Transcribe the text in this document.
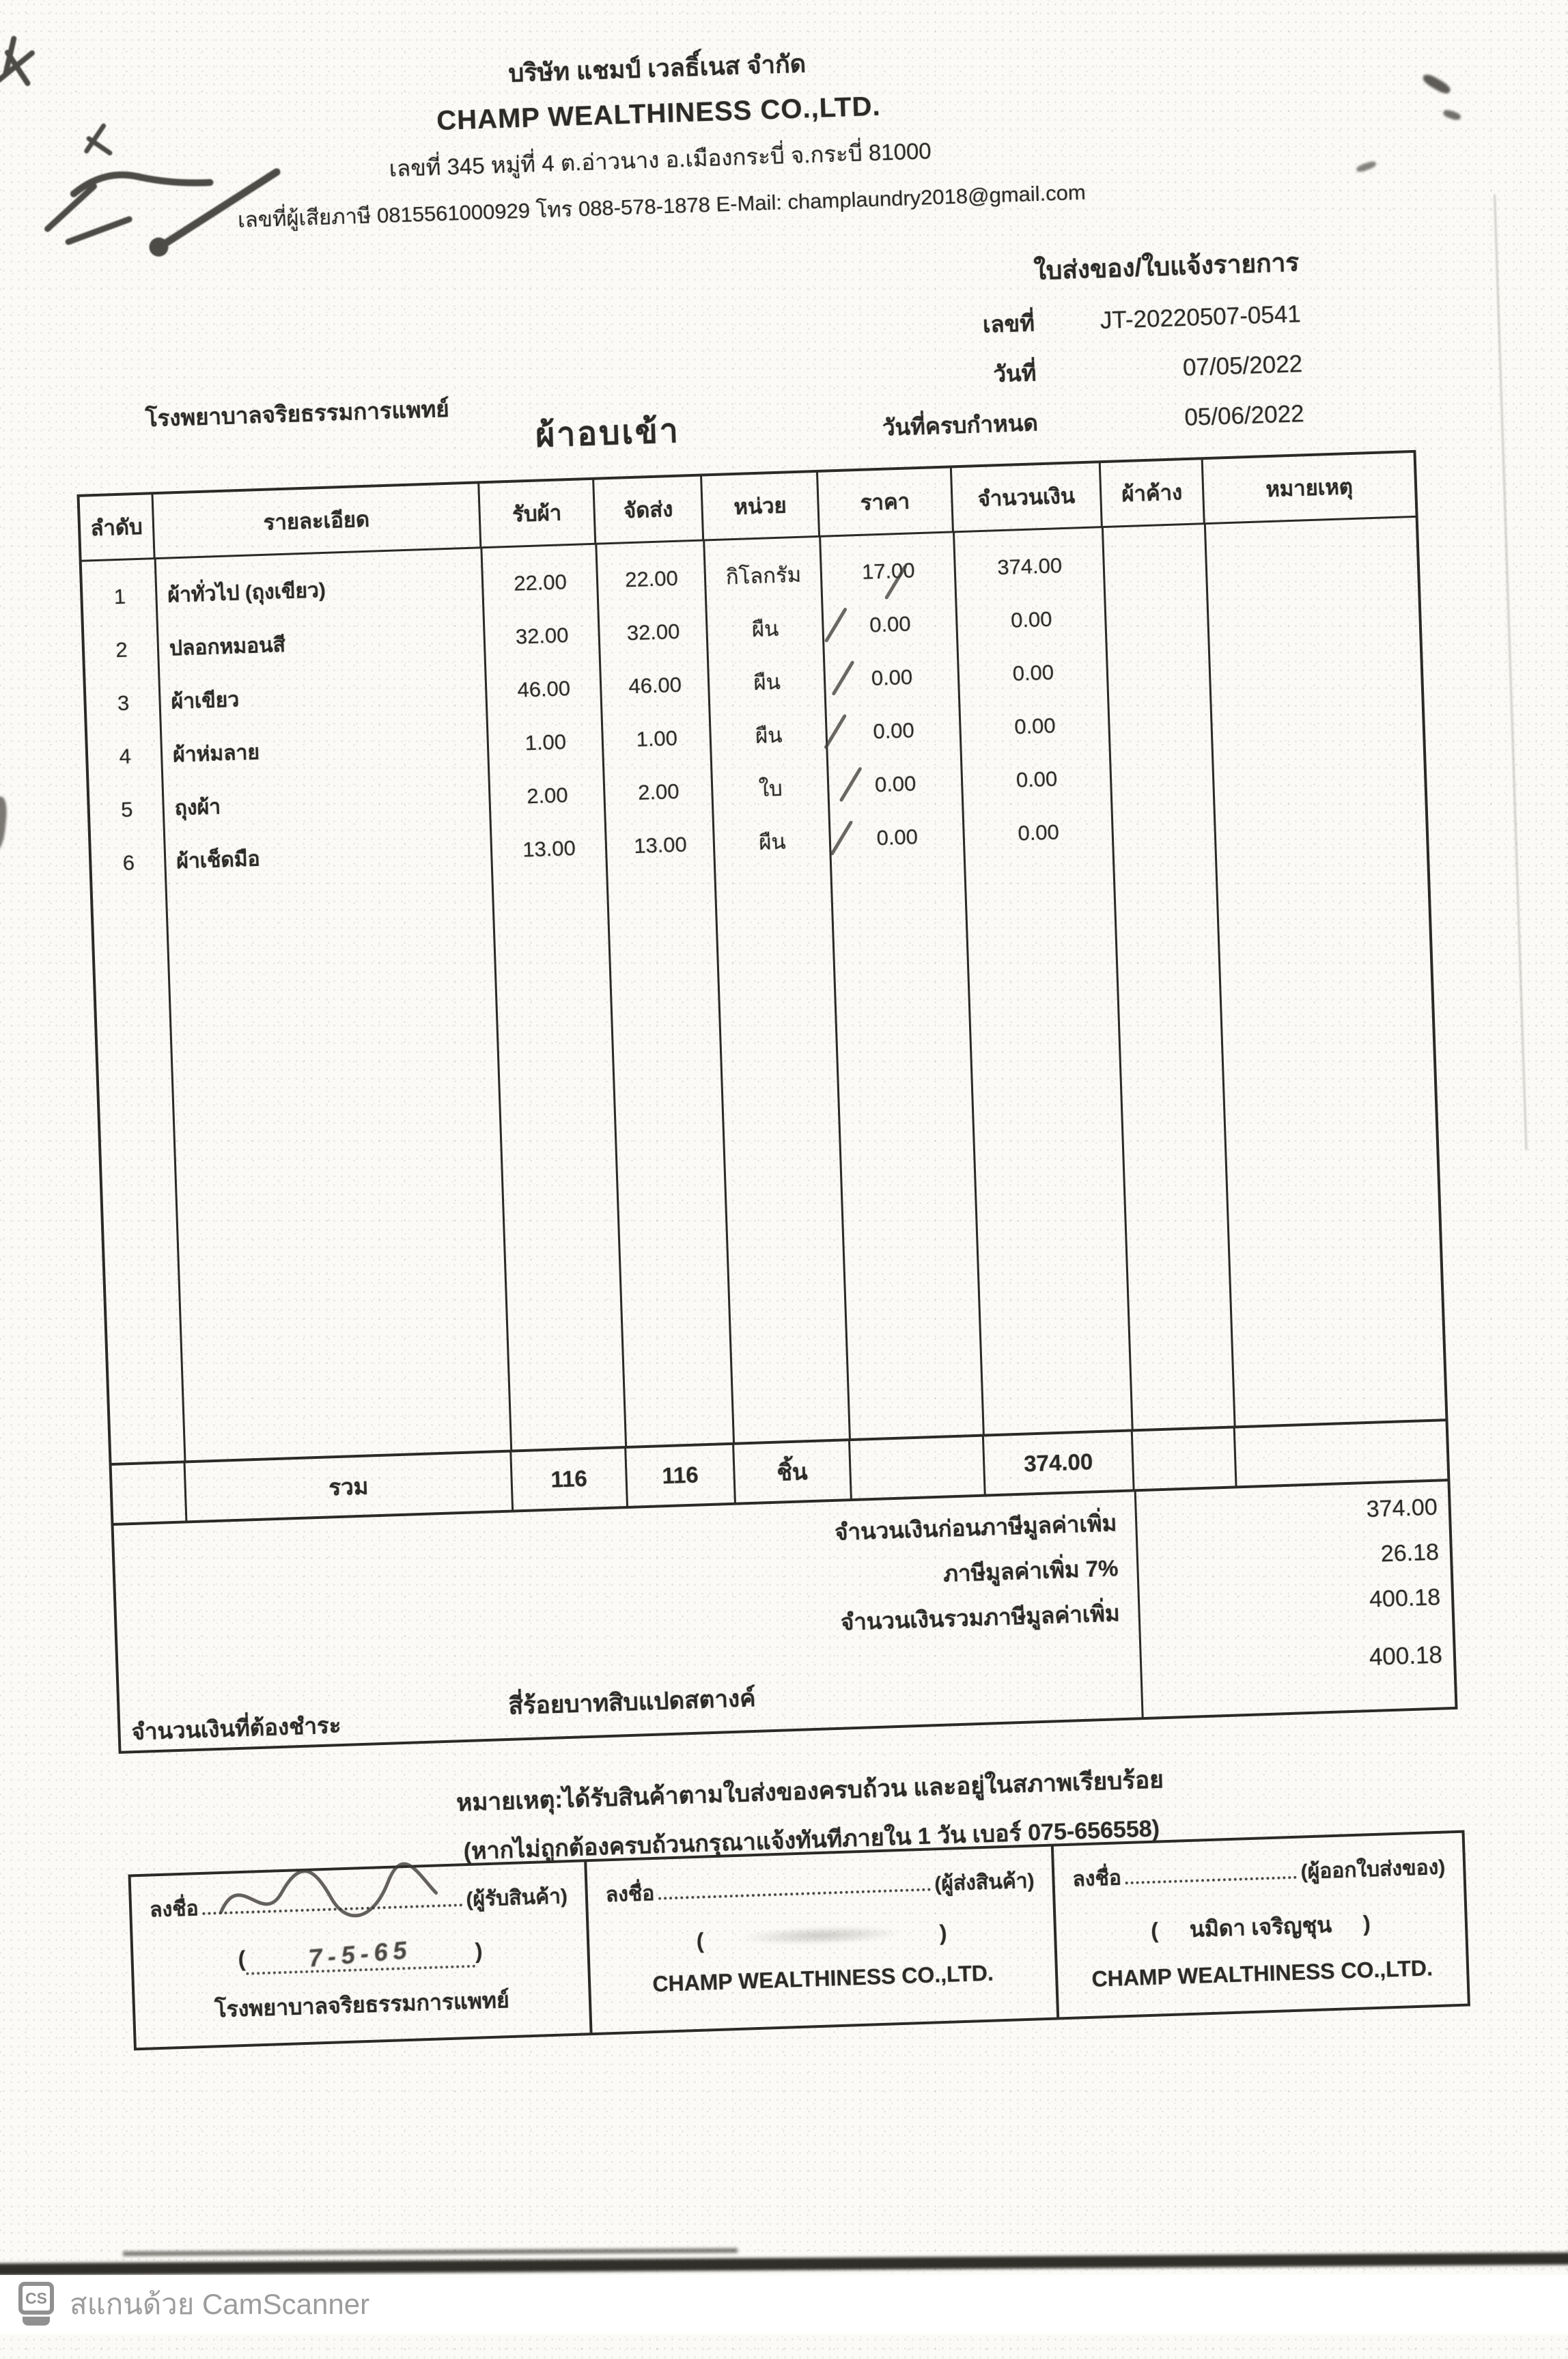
บริษัท แชมป์ เวลธิ์เนส จำกัด
CHAMP WEALTHINESS CO.,LTD.
เลขที่ 345 หมู่ที่ 4 ต.อ่าวนาง อ.เมืองกระบี่ จ.กระบี่ 81000
เลขที่ผู้เสียภาษี 0815561000929 โทร 088-578-1878 E-Mail: champlaundry2018@gmail.com
ใบส่งของ/ใบแจ้งรายการ
เลขที่	JT-20220507-0541
วันที่	07/05/2022
วันที่ครบกำหนด	05/06/2022
โรงพยาบาลจริยธรรมการแพทย์	ผ้าอบเข้า
ลำดับ	รายละเอียด	รับผ้า	จัดส่ง	หน่วย	ราคา	จำนวนเงิน	ผ้าค้าง	หมายเหตุ
1	ผ้าทั่วไป (ถุงเขียว)	22.00	22.00	กิโลกรัม	17.00	374.00
2	ปลอกหมอนสี	32.00	32.00	ผืน	0.00	0.00
3	ผ้าเขียว	46.00	46.00	ผืน	0.00	0.00
4	ผ้าห่มลาย	1.00	1.00	ผืน	0.00	0.00
5	ถุงผ้า	2.00	2.00	ใบ	0.00	0.00
6	ผ้าเช็ดมือ	13.00	13.00	ผืน	0.00	0.00
รวม	116	116	ชิ้น	374.00
จำนวนเงินก่อนภาษีมูลค่าเพิ่ม
374.00
ภาษีมูลค่าเพิ่ม 7%
26.18
จำนวนเงินรวมภาษีมูลค่าเพิ่ม
400.18
จำนวนเงินที่ต้องชำระ
สี่ร้อยบาทสิบแปดสตางค์
400.18
หมายเหตุ:ได้รับสินค้าตามใบส่งของครบถ้วน และอยู่ในสภาพเรียบร้อย
(หากไม่ถูกต้องครบถ้วนกรุณาแจ้งทันทีภายใน 1 วัน เบอร์ 075-656558)
ลงชื่อ	(ผู้รับสินค้า)
(	7-5-65	)
โรงพยาบาลจริยธรรมการแพทย์
ลงชื่อ	(ผู้ส่งสินค้า)
(	)
CHAMP WEALTHINESS CO.,LTD.
ลงชื่อ	(ผู้ออกใบส่งของ)
(	นมิดา เจริญชุน	)
CHAMP WEALTHINESS CO.,LTD.
CS สแกนด้วย CamScanner
